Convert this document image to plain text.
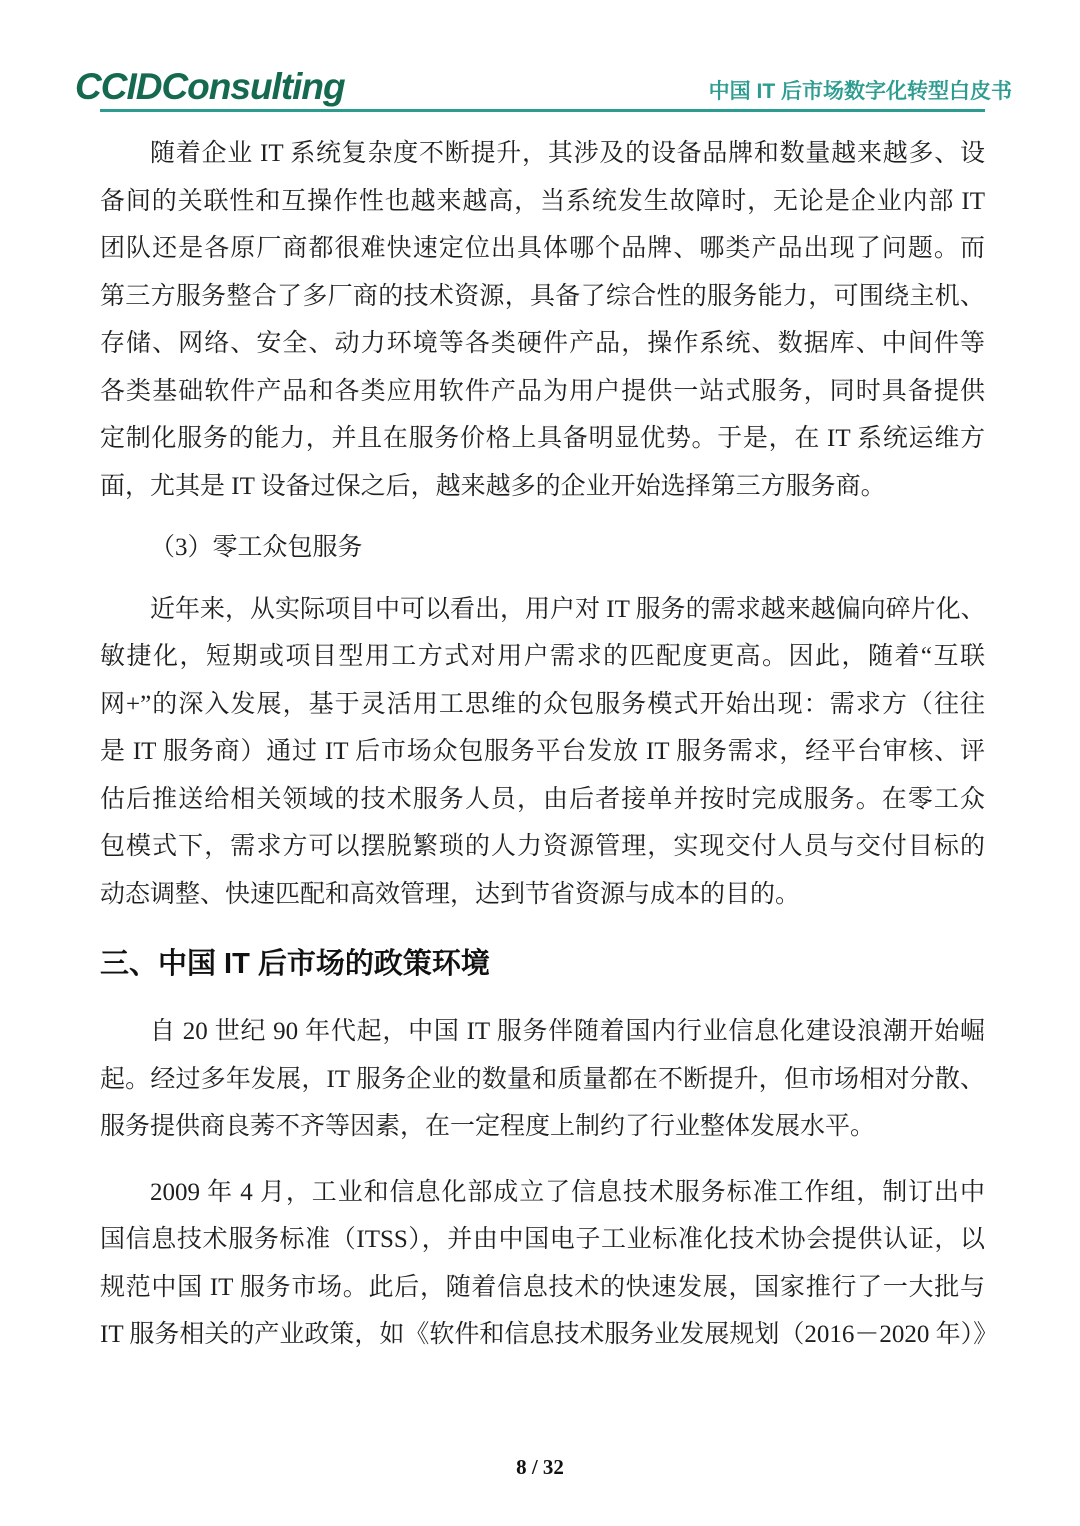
CCIDConsulting	中国 IT 后市场数字化转型白皮书
随着企业 IT 系统复杂度不断提升，其涉及的设备品牌和数量越来越多、设
备间的关联性和互操作性也越来越高，当系统发生故障时，无论是企业内部 IT
团队还是各原厂商都很难快速定位出具体哪个品牌、哪类产品出现了问题。而
第三方服务整合了多厂商的技术资源，具备了综合性的服务能力，可围绕主机、
存储、网络、安全、动力环境等各类硬件产品，操作系统、数据库、中间件等
各类基础软件产品和各类应用软件产品为用户提供一站式服务，同时具备提供
定制化服务的能力，并且在服务价格上具备明显优势。于是，在 IT 系统运维方
面，尤其是 IT 设备过保之后，越来越多的企业开始选择第三方服务商。
（3）零工众包服务
近年来，从实际项目中可以看出，用户对 IT 服务的需求越来越偏向碎片化、
敏捷化，短期或项目型用工方式对用户需求的匹配度更高。因此，随着“互联
网+”的深入发展，基于灵活用工思维的众包服务模式开始出现：需求方（往往
是 IT 服务商）通过 IT 后市场众包服务平台发放 IT 服务需求，经平台审核、评
估后推送给相关领域的技术服务人员，由后者接单并按时完成服务。在零工众
包模式下，需求方可以摆脱繁琐的人力资源管理，实现交付人员与交付目标的
动态调整、快速匹配和高效管理，达到节省资源与成本的目的。
三、中国 IT 后市场的政策环境
自 20 世纪 90 年代起，中国 IT 服务伴随着国内行业信息化建设浪潮开始崛
起。经过多年发展，IT 服务企业的数量和质量都在不断提升，但市场相对分散、
服务提供商良莠不齐等因素，在一定程度上制约了行业整体发展水平。
2009 年 4 月，工业和信息化部成立了信息技术服务标准工作组，制订出中
国信息技术服务标准（ITSS），并由中国电子工业标准化技术协会提供认证，以
规范中国 IT 服务市场。此后，随着信息技术的快速发展，国家推行了一大批与
IT 服务相关的产业政策，如《软件和信息技术服务业发展规划（2016－2020 年）》
8 / 32
